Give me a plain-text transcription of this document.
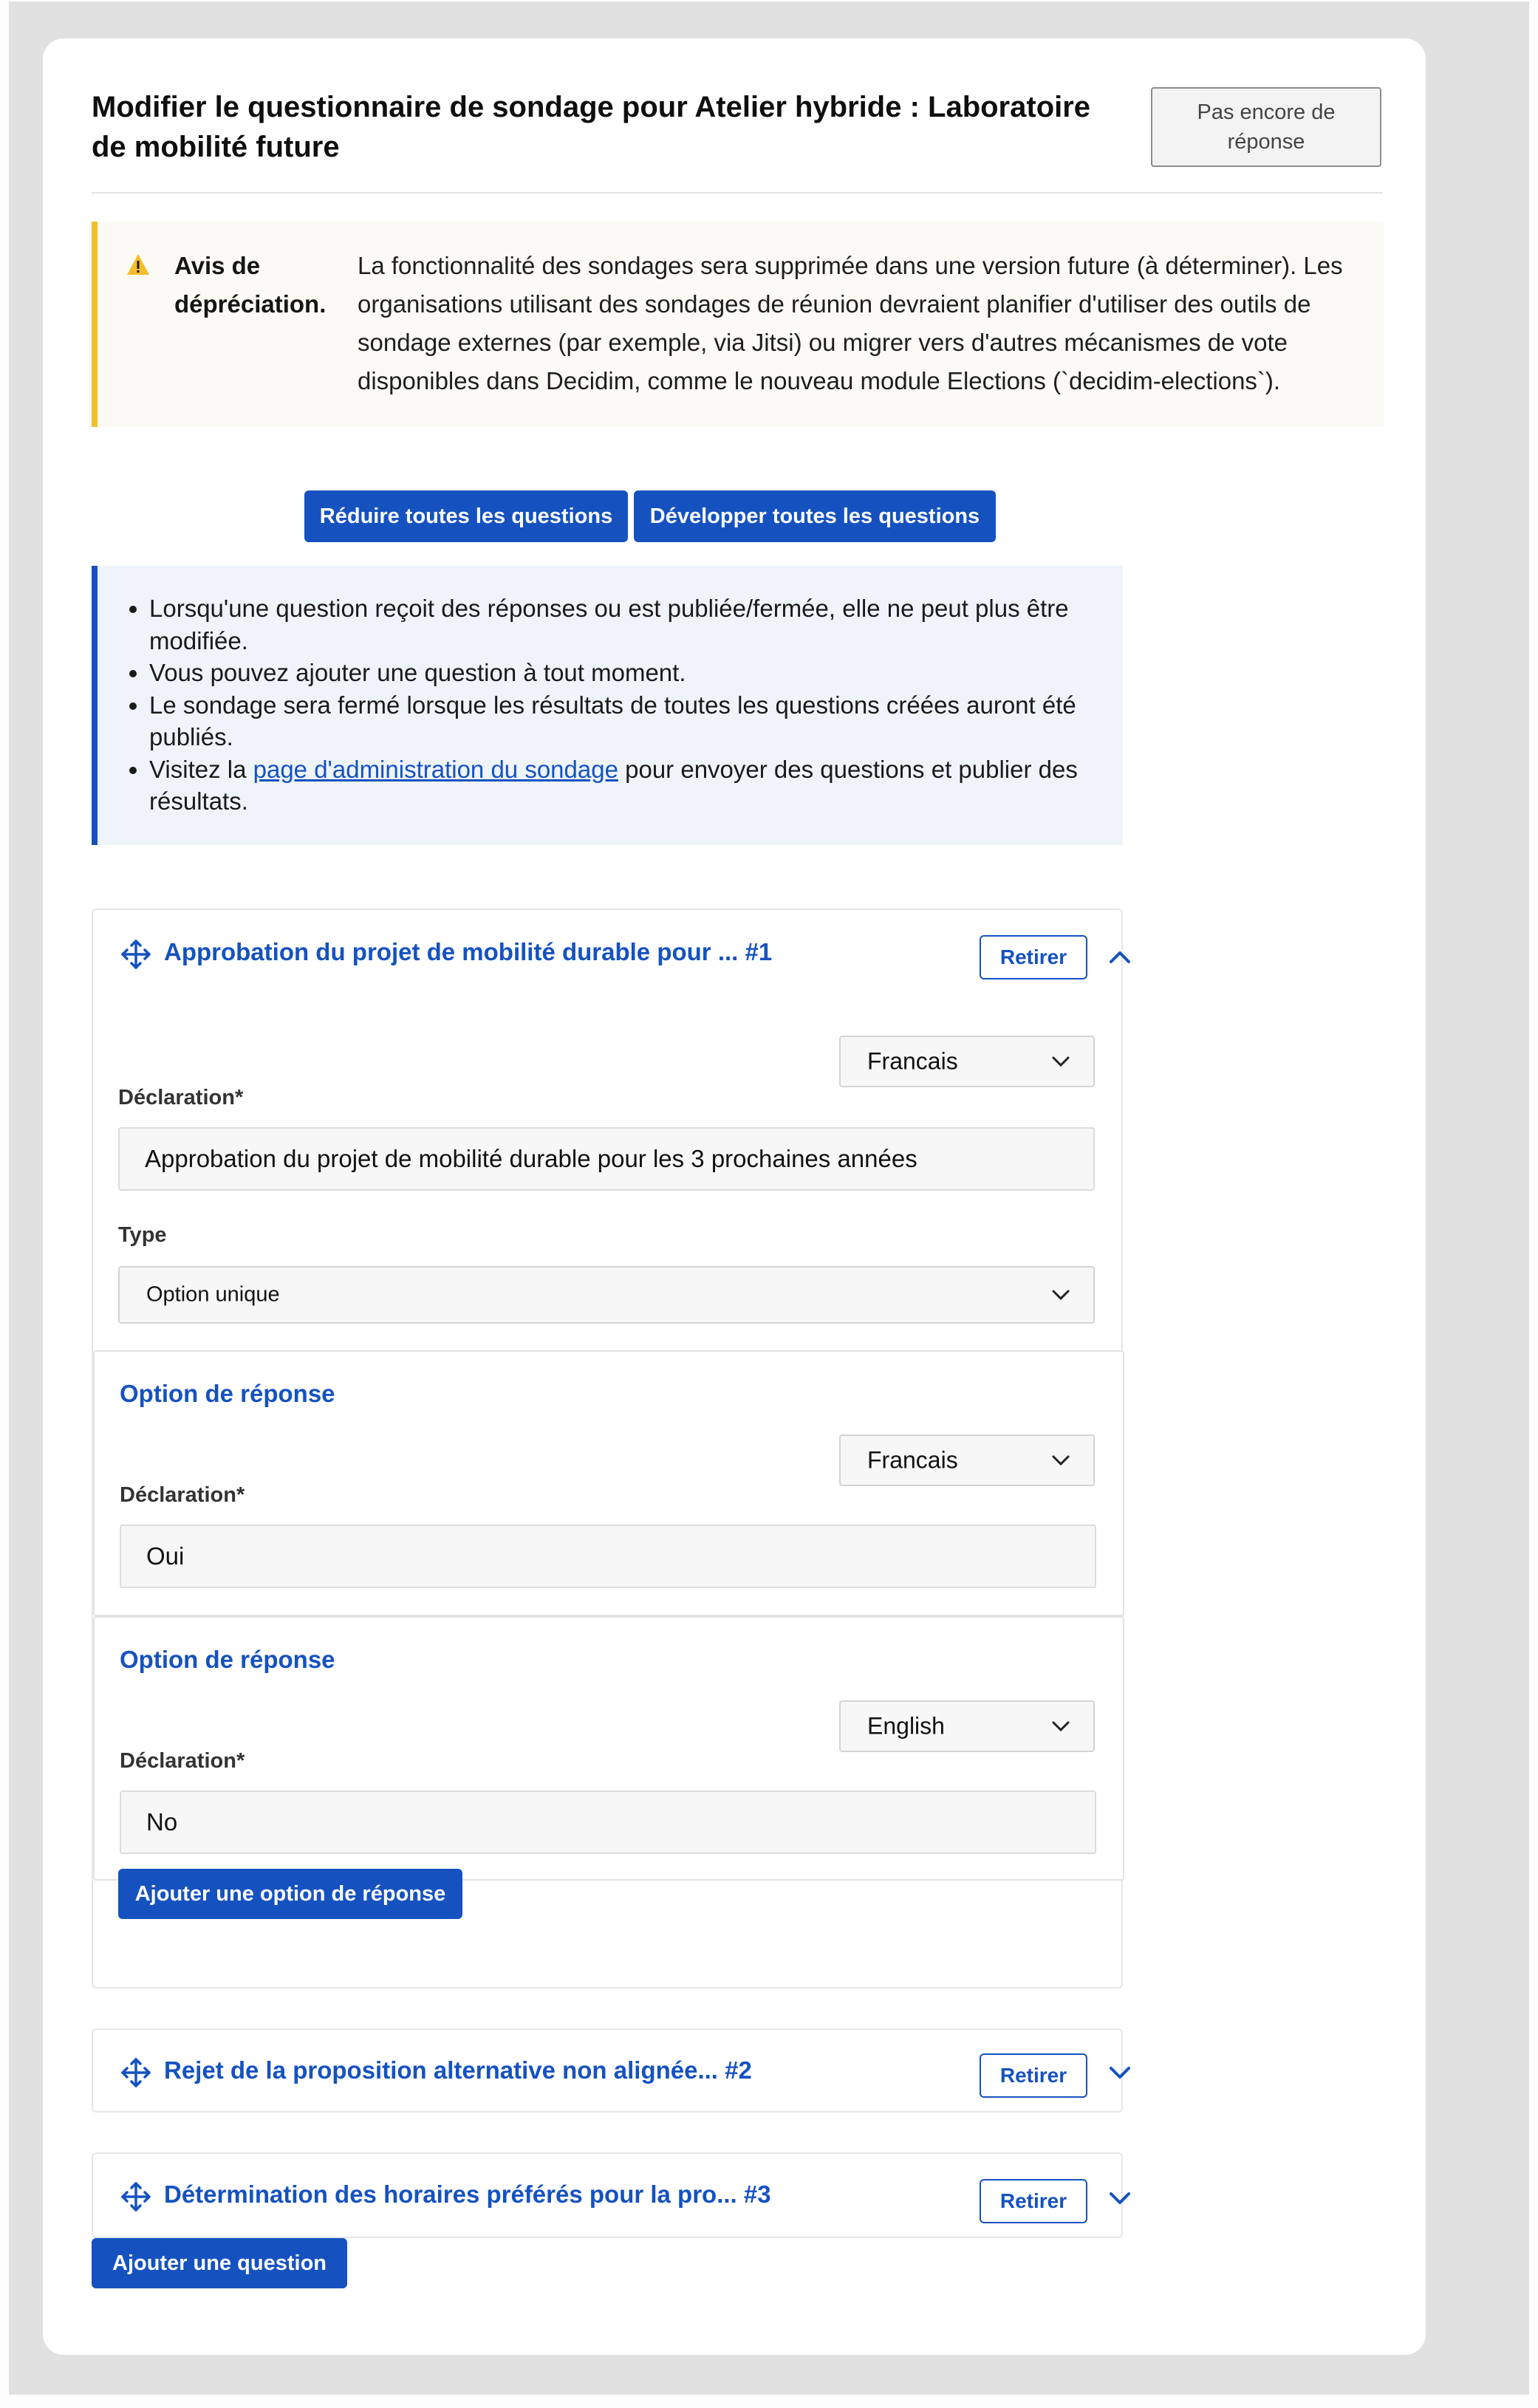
Modifier le questionnaire de sondage pour Atelier hybride : Laboratoire de mobilité future
Pas encore de réponse
Avis de dépréciation.
La fonctionnalité des sondages sera supprimée dans une version future (à déterminer). Les organisations utilisant des sondages de réunion devraient planifier d'utiliser des outils de sondage externes (par exemple, via Jitsi) ou migrer vers d'autres mécanismes de vote disponibles dans Decidim, comme le nouveau module Elections (`decidim-elections`).
Réduire toutes les questions	Développer toutes les questions
• Lorsqu'une question reçoit des réponses ou est publiée/fermée, elle ne peut plus être modifiée.
• Vous pouvez ajouter une question à tout moment.
• Le sondage sera fermé lorsque les résultats de toutes les questions créées auront été publiés.
• Visitez la page d'administration du sondage pour envoyer des questions et publier des résultats.
Approbation du projet de mobilité durable pour ... #1	Retirer
Francais
Déclaration*
Approbation du projet de mobilité durable pour les 3 prochaines années
Type
Option unique
Option de réponse
Francais
Déclaration*
Oui
Option de réponse
English
Déclaration*
No
Rejet de la proposition alternative non alignée... #2	Retirer
Détermination des horaires préférés pour la pro... #3	Retirer
Ajouter une option de réponse
Ajouter une question
